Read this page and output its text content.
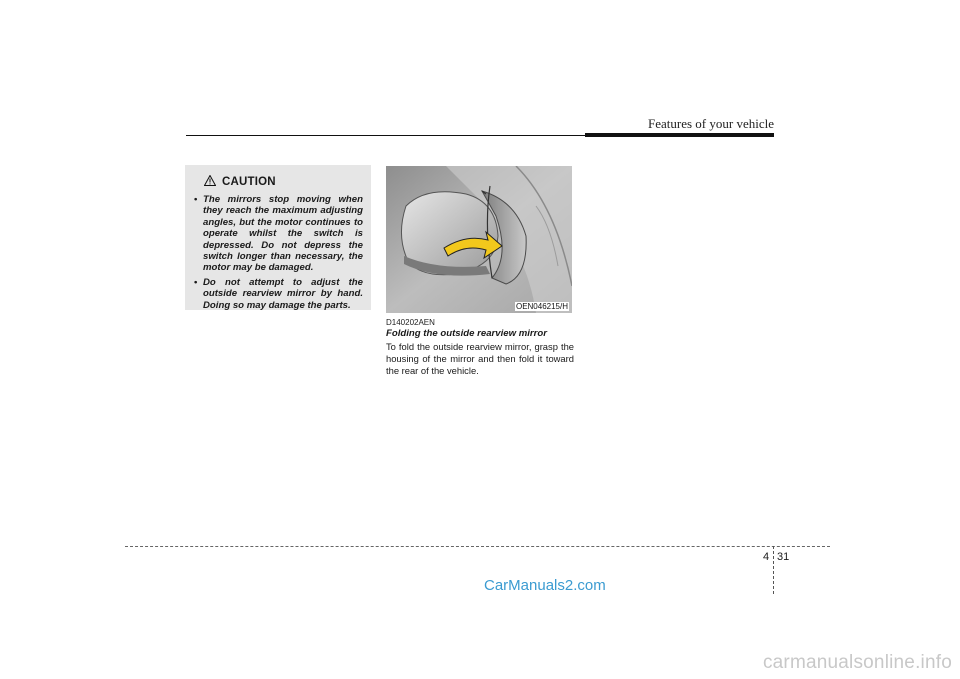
Features of your vehicle
CAUTION
• The mirrors stop moving when they reach the maximum adjusting angles, but the motor continues to operate whilst the switch is depressed. Do not depress the switch longer than necessary, the motor may be damaged.
• Do not attempt to adjust the outside rearview mirror by hand. Doing so may damage the parts.	OEN046215/H
D140202AEN
Folding the outside rearview mirror
To fold the outside rearview mirror, grasp the housing of the mirror and then fold it toward the rear of the vehicle.
4 31
CarManuals2.com
carmanualsonline.info
